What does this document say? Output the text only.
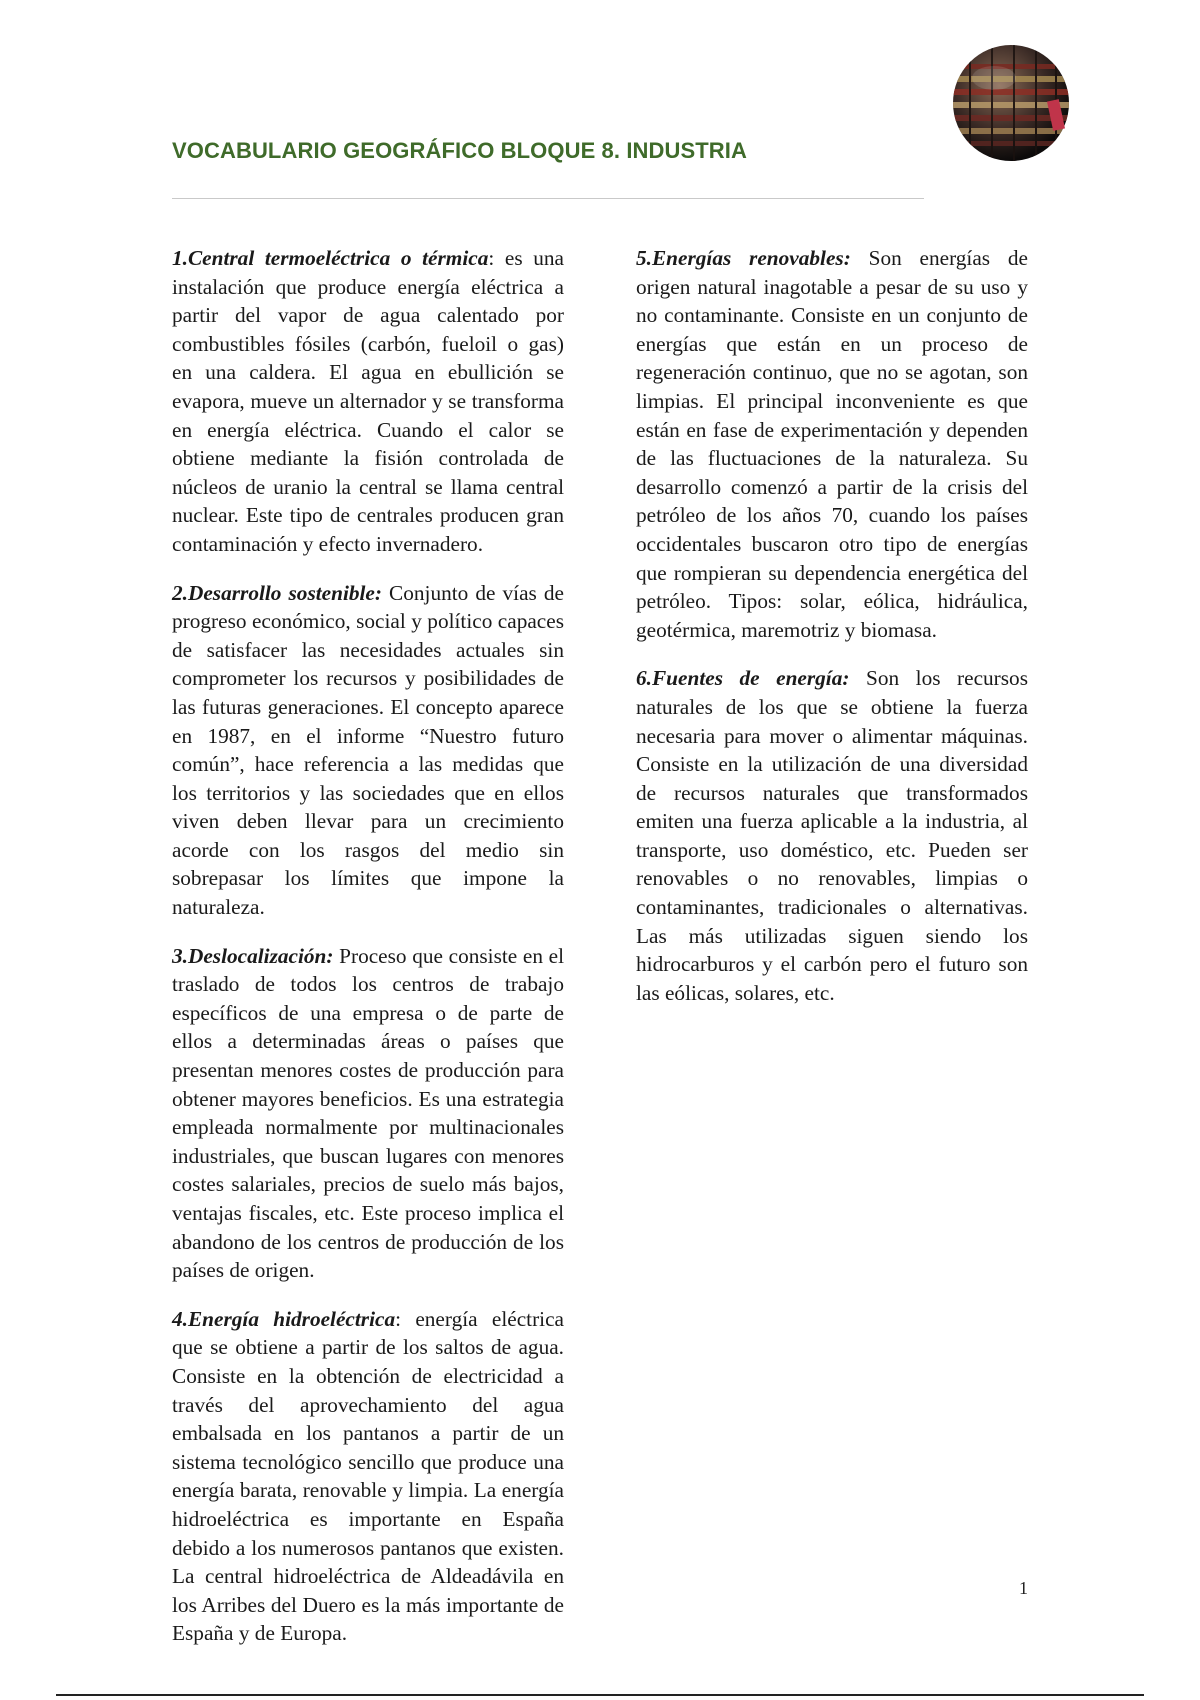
VOCABULARIO GEOGRÁFICO BLOQUE 8. INDUSTRIA

1.Central termoeléctrica o térmica: es una instalación que produce energía eléctrica a partir del vapor de agua calentado por combustibles fósiles (carbón, fueloil o gas) en una caldera. El agua en ebullición se evapora, mueve un alternador y se transforma en energía eléctrica. Cuando el calor se obtiene mediante la fisión controlada de núcleos de uranio la central se llama central nuclear. Este tipo de centrales producen gran contaminación y efecto invernadero.

2.Desarrollo sostenible: Conjunto de vías de progreso económico, social y político capaces de satisfacer las necesidades actuales sin comprometer los recursos y posibilidades de las futuras generaciones. El concepto aparece en 1987, en el informe “Nuestro futuro común”, hace referencia a las medidas que los territorios y las sociedades que en ellos viven deben llevar para un crecimiento acorde con los rasgos del medio sin sobrepasar los límites que impone la naturaleza.

3.Deslocalización: Proceso que consiste en el traslado de todos los centros de trabajo específicos de una empresa o de parte de ellos a determinadas áreas o países que presentan menores costes de producción para obtener mayores beneficios. Es una estrategia empleada normalmente por multinacionales industriales, que buscan lugares con menores costes salariales, precios de suelo más bajos, ventajas fiscales, etc. Este proceso implica el abandono de los centros de producción de los países de origen.

4.Energía hidroeléctrica: energía eléctrica que se obtiene a partir de los saltos de agua. Consiste en la obtención de electricidad a través del aprovechamiento del agua embalsada en los pantanos a partir de un sistema tecnológico sencillo que produce una energía barata, renovable y limpia. La energía hidroeléctrica es importante en España debido a los numerosos pantanos que existen. La central hidroeléctrica de Aldeadávila en los Arribes del Duero es la más importante de España y de Europa.

5.Energías renovables: Son energías de origen natural inagotable a pesar de su uso y no contaminante. Consiste en un conjunto de energías que están en un proceso de regeneración continuo, que no se agotan, son limpias. El principal inconveniente es que están en fase de experimentación y dependen de las fluctuaciones de la naturaleza. Su desarrollo comenzó a partir de la crisis del petróleo de los años 70, cuando los países occidentales buscaron otro tipo de energías que rompieran su dependencia energética del petróleo. Tipos: solar, eólica, hidráulica, geotérmica, maremotriz y biomasa.

6.Fuentes de energía: Son los recursos naturales de los que se obtiene la fuerza necesaria para mover o alimentar máquinas. Consiste en la utilización de una diversidad de recursos naturales que transformados emiten una fuerza aplicable a la industria, al transporte, uso doméstico, etc. Pueden ser renovables o no renovables, limpias o contaminantes, tradicionales o alternativas. Las más utilizadas siguen siendo los hidrocarburos y el carbón pero el futuro son las eólicas, solares, etc.

1
